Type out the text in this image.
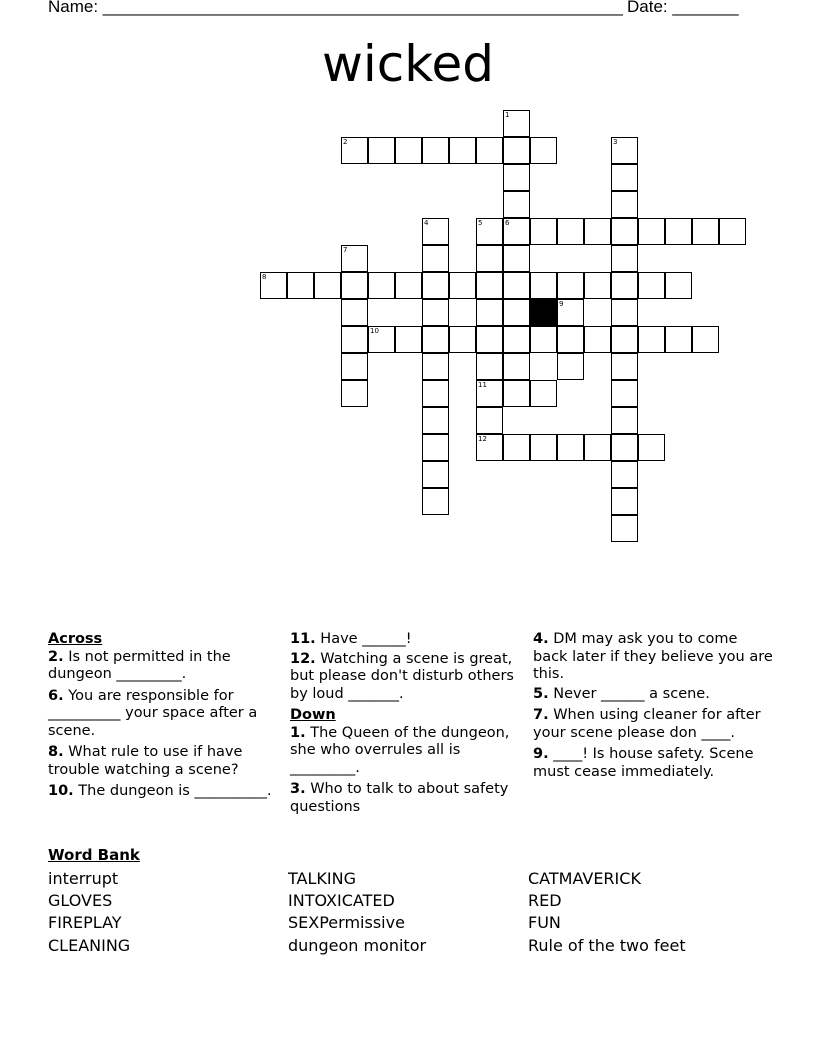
Name: _______________________________________________________ Date: _______
wicked
2
6
8
10
11
12
1
3
4	5
7
9
Across
2. Is not permitted in the dungeon _________.
6. You are responsible for __________ your space after a scene.
8. What rule to use if have trouble watching a scene?
10. The dungeon is __________.
11. Have ______!
12. Watching a scene is great, but please don't disturb others by loud _______.
Down
1. The Queen of the dungeon, she who overrules all is _________.
3. Who to talk to about safety questions
4. DM may ask you to come back later if they believe you are this.
5. Never ______ a scene.
7. When using cleaner for after your scene please don ____.
9. ____! Is house safety. Scene must cease immediately.
Word Bank
interrupt	TALKING	CATMAVERICK
GLOVES	INTOXICATED	RED
FIREPLAY	SEXPermissive	FUN
CLEANING	dungeon monitor	Rule of the two feet
